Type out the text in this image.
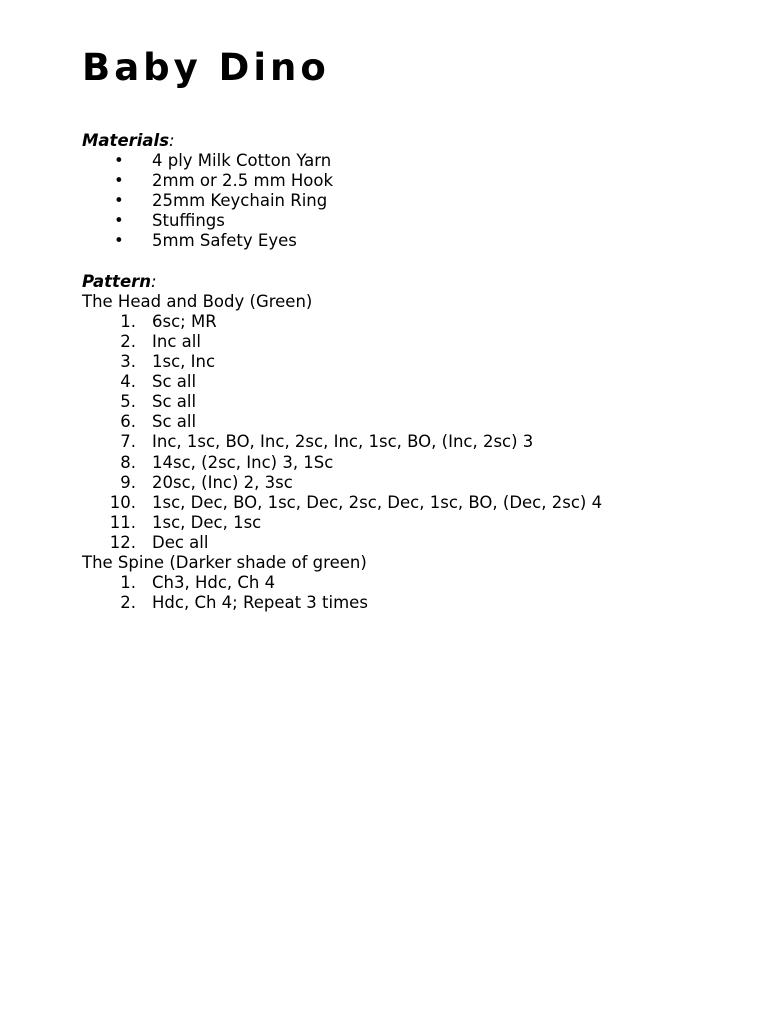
Baby Dino
Materials:
• 4 ply Milk Cotton Yarn
• 2mm or 2.5 mm Hook
• 25mm Keychain Ring
• Stuffings
• 5mm Safety Eyes
Pattern:
The Head and Body (Green)
1. 6sc; MR
2. Inc all
3. 1sc, Inc
4. Sc all
5. Sc all
6. Sc all
7. Inc, 1sc, BO, Inc, 2sc, Inc, 1sc, BO, (Inc, 2sc) 3
8. 14sc, (2sc, Inc) 3, 1Sc
9. 20sc, (Inc) 2, 3sc
10. 1sc, Dec, BO, 1sc, Dec, 2sc, Dec, 1sc, BO, (Dec, 2sc) 4
11. 1sc, Dec, 1sc
12. Dec all
The Spine (Darker shade of green)
1. Ch3, Hdc, Ch 4
2. Hdc, Ch 4; Repeat 3 times
